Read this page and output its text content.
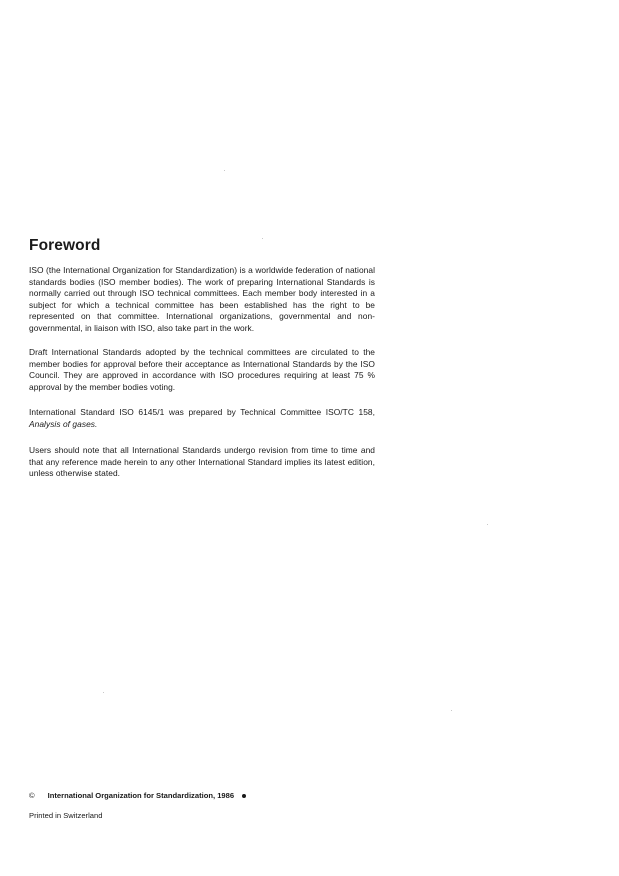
Foreword
ISO (the International Organization for Standardization) is a worldwide federation of national standards bodies (ISO member bodies). The work of preparing International Standards is normally carried out through ISO technical committees. Each member body interested in a subject for which a technical committee has been established has the right to be represented on that committee. International organizations, governmental and non-governmental, in liaison with ISO, also take part in the work.
Draft International Standards adopted by the technical committees are circulated to the member bodies for approval before their acceptance as International Standards by the ISO Council. They are approved in accordance with ISO procedures requiring at least 75 % approval by the member bodies voting.
International Standard ISO 6145/1 was prepared by Technical Committee ISO/TC 158, Analysis of gases.
Users should note that all International Standards undergo revision from time to time and that any reference made herein to any other International Standard implies its latest edition, unless otherwise stated.
© International Organization for Standardization, 1986

Printed in Switzerland
